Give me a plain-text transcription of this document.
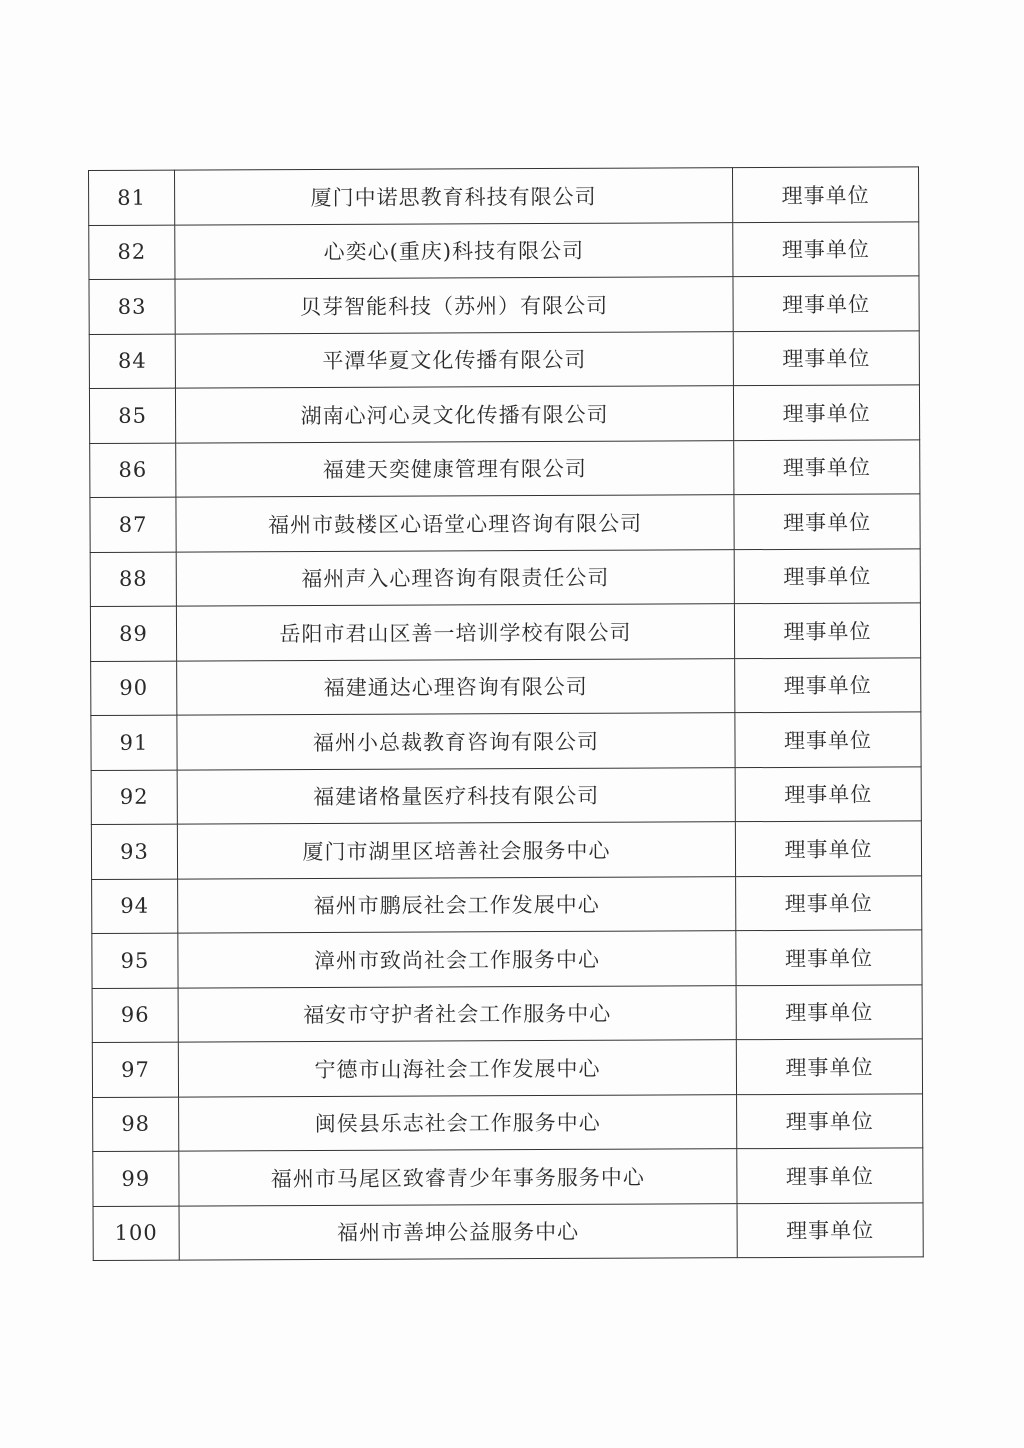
81	厦门中诺思教育科技有限公司	理事单位
82	心奕心(重庆)科技有限公司	理事单位
83	贝芽智能科技（苏州）有限公司	理事单位
84	平潭华夏文化传播有限公司	理事单位
85	湖南心河心灵文化传播有限公司	理事单位
86	福建天奕健康管理有限公司	理事单位
87	福州市鼓楼区心语堂心理咨询有限公司	理事单位
88	福州声入心理咨询有限责任公司	理事单位
89	岳阳市君山区善一培训学校有限公司	理事单位
90	福建通达心理咨询有限公司	理事单位
91	福州小总裁教育咨询有限公司	理事单位
92	福建诸格量医疗科技有限公司	理事单位
93	厦门市湖里区培善社会服务中心	理事单位
94	福州市鹏辰社会工作发展中心	理事单位
95	漳州市致尚社会工作服务中心	理事单位
96	福安市守护者社会工作服务中心	理事单位
97	宁德市山海社会工作发展中心	理事单位
98	闽侯县乐志社会工作服务中心	理事单位
99	福州市马尾区致睿青少年事务服务中心	理事单位
100	福州市善坤公益服务中心	理事单位
